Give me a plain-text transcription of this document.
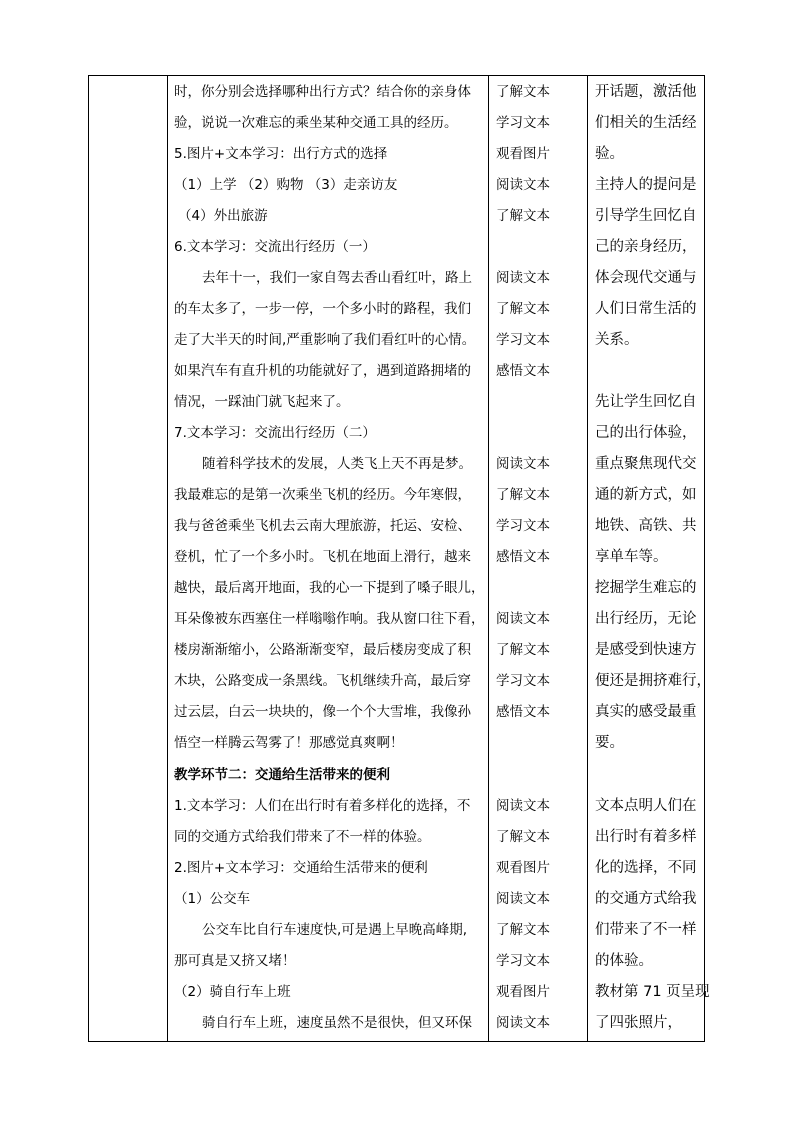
时，你分别会选择哪种出行方式？结合你的亲身体
验，说说一次难忘的乘坐某种交通工具的经历。
5.图片+文本学习：出行方式的选择
（1）上学 （2）购物 （3）走亲访友
（4）外出旅游
6.文本学习：交流出行经历（一）
去年十一，我们一家自驾去香山看红叶，路上
的车太多了，一步一停，一个多小时的路程，我们
走了大半天的时间,严重影响了我们看红叶的心情。
如果汽车有直升机的功能就好了，遇到道路拥堵的
情况，一踩油门就飞起来了。
7.文本学习：交流出行经历（二）
随着科学技术的发展，人类飞上天不再是梦。
我最难忘的是第一次乘坐飞机的经历。今年寒假，
我与爸爸乘坐飞机去云南大理旅游，托运、安检、
登机，忙了一个多小时。飞机在地面上滑行，越来
越快，最后离开地面，我的心一下提到了嗓子眼儿，
耳朵像被东西塞住一样嗡嗡作响。我从窗口往下看，
楼房渐渐缩小，公路渐渐变窄，最后楼房变成了积
木块，公路变成一条黑线。飞机继续升高，最后穿
过云层，白云一块块的，像一个个大雪堆，我像孙
悟空一样腾云驾雾了！那感觉真爽啊！
教学环节二：交通给生活带来的便利
1.文本学习：人们在出行时有着多样化的选择，不
同的交通方式给我们带来了不一样的体验。
2.图片+文本学习：交通给生活带来的便利
（1）公交车
公交车比自行车速度快,可是遇上早晚高峰期,
那可真是又挤又堵！
（2）骑自行车上班
骑自行车上班，速度虽然不是很快，但又环保
了解文本
学习文本
观看图片
阅读文本
了解文本
阅读文本
了解文本
学习文本
感悟文本
阅读文本
了解文本
学习文本
感悟文本
阅读文本
了解文本
学习文本
感悟文本
阅读文本
了解文本
观看图片
阅读文本
了解文本
学习文本
观看图片
阅读文本
开话题，激活他
们相关的生活经
验。
主持人的提问是
引导学生回忆自
己的亲身经历，
体会现代交通与
人们日常生活的
关系。
先让学生回忆自
己的出行体验，
重点聚焦现代交
通的新方式，如
地铁、高铁、共
享单车等。
挖掘学生难忘的
出行经历，无论
是感受到快速方
便还是拥挤难行，
真实的感受最重
要。
文本点明人们在
出行时有着多样
化的选择，不同
的交通方式给我
们带来了不一样
的体验。
教材第 71 页呈现
了四张照片，
